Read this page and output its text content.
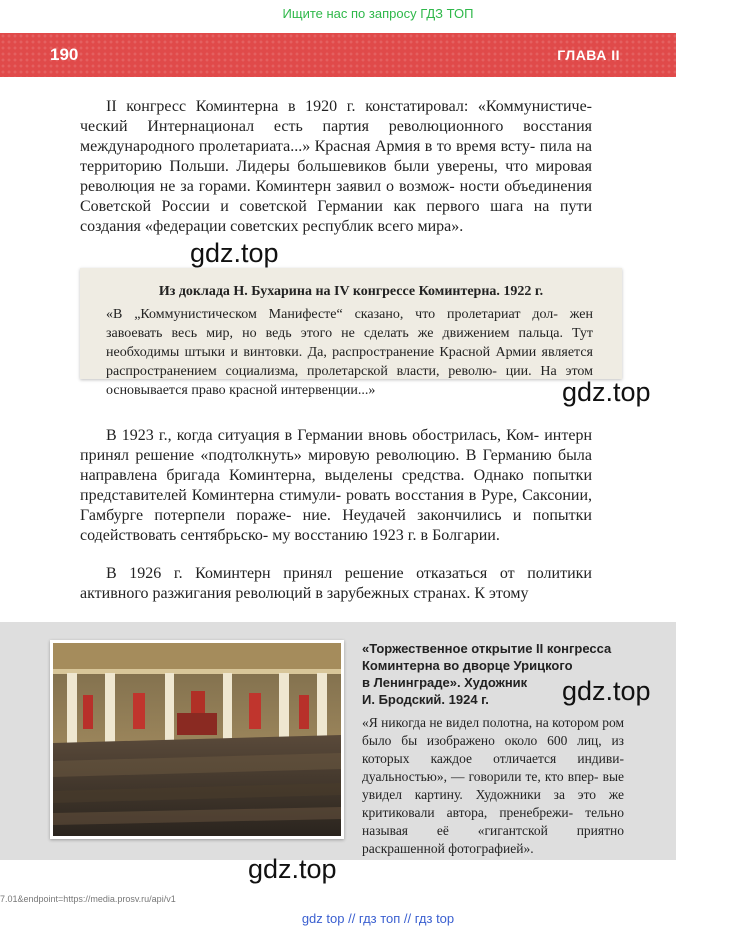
Ищите нас по запросу ГДЗ ТОП
190	ГЛАВА II

II конгресс Коминтерна в 1920 г. констатировал: «Коммунистиче- ческий Интернационал есть партия революционного восстания международного пролетариата...» Красная Армия в то время всту- пила на территорию Польши. Лидеры большевиков были уверены, что мировая революция не за горами. Коминтерн заявил о возмож- ности объединения Советской России и советской Германии как первого шага на пути создания «федерации советских республик всего мира».

gdz.top
Из доклада Н. Бухарина на IV конгрессе Коминтерна. 1922 г.
«В „Коммунистическом Манифесте“ сказано, что пролетариат дол- жен завоевать весь мир, но ведь этого не сделать же движением пальца. Тут необходимы штыки и винтовки. Да, распространение Красной Армии является распространением социализма, пролетарской власти, револю- ции. На этом основывается право красной интервенции...»	gdz.top

В 1923 г., когда ситуация в Германии вновь обострилась, Ком- интерн принял решение «подтолкнуть» мировую революцию. В Германию была направлена бригада Коминтерна, выделены средства. Однако попытки представителей Коминтерна стимули- ровать восстания в Руре, Саксонии, Гамбурге потерпели пораже- ние. Неудачей закончились и попытки содействовать сентябрьско- му восстанию 1923 г. в Болгарии.

В 1926 г. Коминтерн принял решение отказаться от политики активного разжигания революций в зарубежных странах. К этому

«Торжественное открытие II конгресса
Коминтерна во дворце Урицкого
в Ленинграде». Художник
И. Бродский. 1924 г.
«Я никогда не видел полотна, на котором ром было бы изображено около 600 лиц, из которых каждое отличается индиви- дуальностью», — говорили те, кто впер- вые увидел картину. Художники за это же критиковали автора, пренебрежи- тельно называя её «гигантской приятно раскрашенной фотографией».
gdz.top
gdz.top
7.01&endpoint=https://media.prosv.ru/api/v1
gdz top // гдз топ // гдз top
